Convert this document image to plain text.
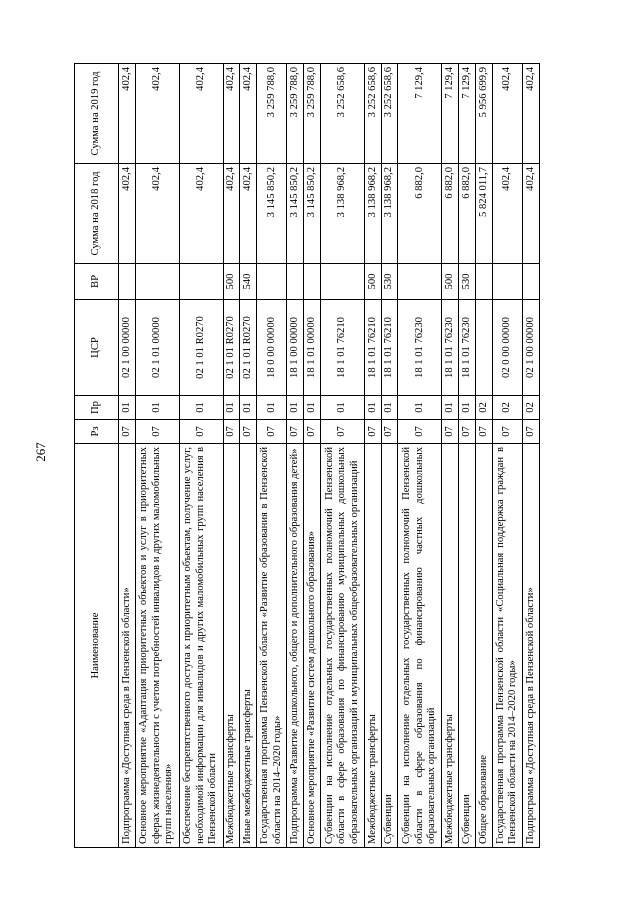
267
Наименование	Рз	Пр	ЦСР	ВР	Сумма на 2018 год	Сумма на 2019 год
Подпрограмма «Доступная среда в Пензенской области»	07	01	02 1 00 00000		402,4	402,4
Основное мероприятие «Адаптация приоритетных объектов и услуг в приоритетных сферах жизнедеятельности с учетом потребностей инвалидов и других маломобильных групп населения»	07	01	02 1 01 00000		402,4	402,4
Обеспечение беспрепятственного доступа к приоритетным объектам, получение услуг, необходимой информации для инвалидов и других маломобильных групп населения в Пензенской области	07	01	02 1 01 R0270		402,4	402,4
Межбюджетные трансферты	07	01	02 1 01 R0270	500	402,4	402,4
Иные межбюджетные трансферты	07	01	02 1 01 R0270	540	402,4	402,4
Государственная программа Пензенской области «Развитие образования в Пензенской области на 2014–2020 годы»	07	01	18 0 00 00000		3 145 850,2	3 259 788,0
Подпрограмма «Развитие дошкольного, общего и дополнительного образования детей»	07	01	18 1 00 00000		3 145 850,2	3 259 788,0
Основное мероприятие «Развитие систем дошкольного образования»	07	01	18 1 01 00000		3 145 850,2	3 259 788,0
Субвенции на исполнение отдельных государственных полномочий Пензенской области в сфере образования по финансированию муниципальных дошкольных образовательных организаций и муниципальных общеобразовательных организаций	07	01	18 1 01 76210		3 138 968,2	3 252 658,6
Межбюджетные трансферты	07	01	18 1 01 76210	500	3 138 968,2	3 252 658,6
Субвенции	07	01	18 1 01 76210	530	3 138 968,2	3 252 658,6
Субвенции на исполнение отдельных государственных полномочий Пензенской области в сфере образования по финансированию частных дошкольных образовательных организаций	07	01	18 1 01 76230		6 882,0	7 129,4
Межбюджетные трансферты	07	01	18 1 01 76230	500	6 882,0	7 129,4
Субвенции	07	01	18 1 01 76230	530	6 882,0	7 129,4
Общее образование	07	02			5 824 011,7	5 956 699,9
Государственная программа Пензенской области «Социальная поддержка граждан в Пензенской области на 2014–2020 годы»	07	02	02 0 00 00000		402,4	402,4
Подпрограмма «Доступная среда в Пензенской области»	07	02	02 1 00 00000		402,4	402,4
